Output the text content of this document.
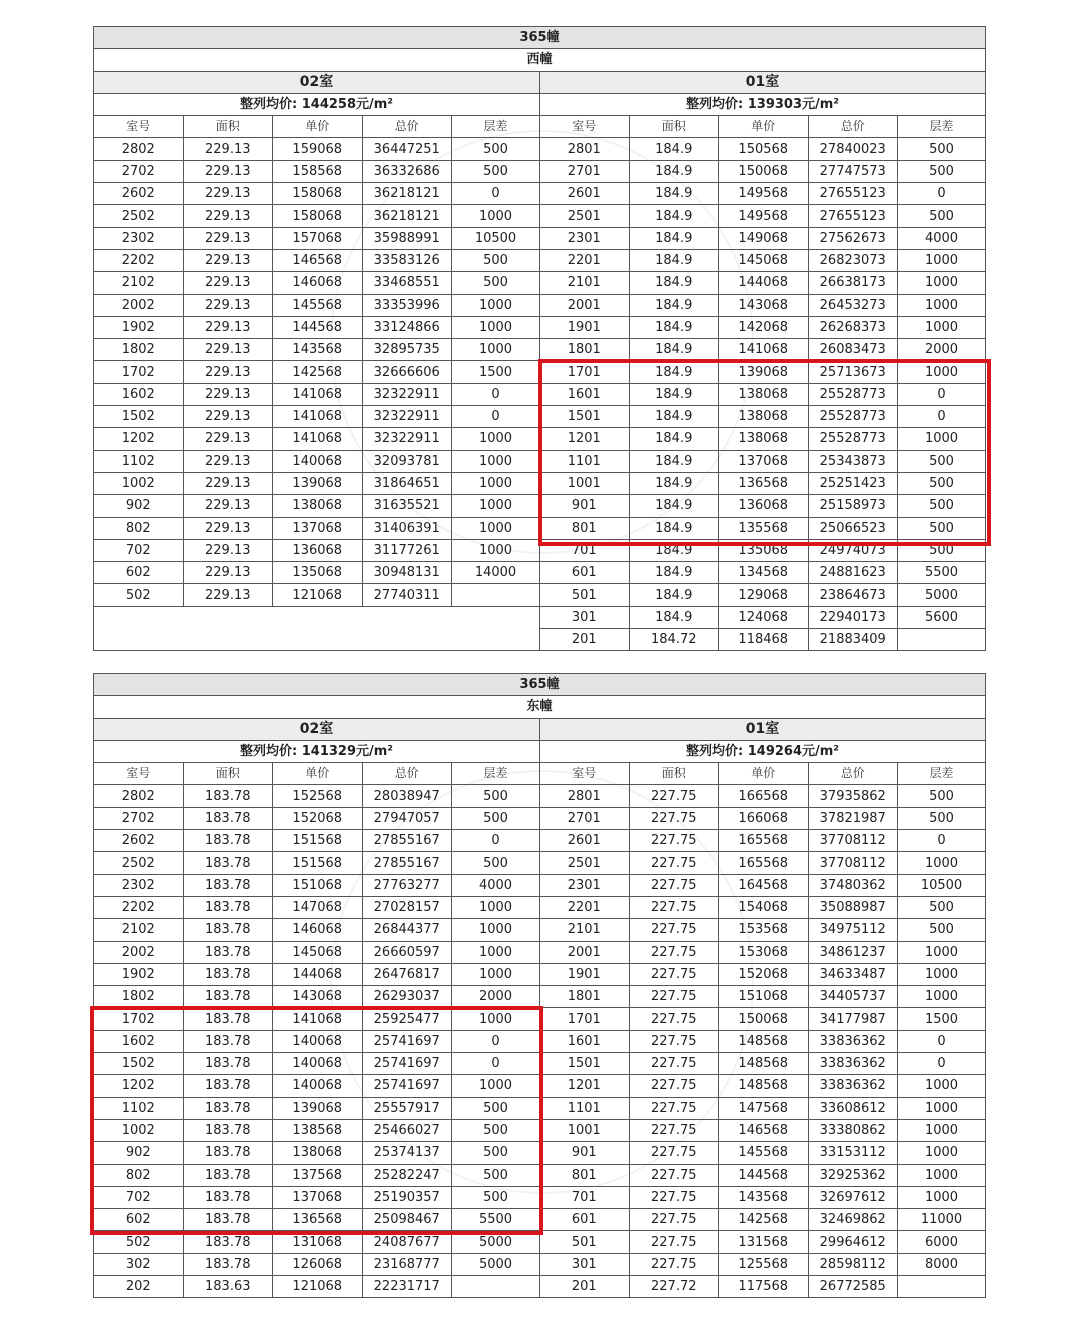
365幢									
西幢									
02室					01室				
整列均价: 144258元/m²					整列均价: 139303元/m²				
室号	面积	单价	总价	层差	室号	面积	单价	总价	层差
2802	229.13	159068	36447251	500	2801	184.9	150568	27840023	500
2702	229.13	158568	36332686	500	2701	184.9	150068	27747573	500
2602	229.13	158068	36218121	0	2601	184.9	149568	27655123	0
2502	229.13	158068	36218121	1000	2501	184.9	149568	27655123	500
2302	229.13	157068	35988991	10500	2301	184.9	149068	27562673	4000
2202	229.13	146568	33583126	500	2201	184.9	145068	26823073	1000
2102	229.13	146068	33468551	500	2101	184.9	144068	26638173	1000
2002	229.13	145568	33353996	1000	2001	184.9	143068	26453273	1000
1902	229.13	144568	33124866	1000	1901	184.9	142068	26268373	1000
1802	229.13	143568	32895735	1000	1801	184.9	141068	26083473	2000
1702	229.13	142568	32666606	1500	1701	184.9	139068	25713673	1000
1602	229.13	141068	32322911	0	1601	184.9	138068	25528773	0
1502	229.13	141068	32322911	0	1501	184.9	138068	25528773	0
1202	229.13	141068	32322911	1000	1201	184.9	138068	25528773	1000
1102	229.13	140068	32093781	1000	1101	184.9	137068	25343873	500
1002	229.13	139068	31864651	1000	1001	184.9	136568	25251423	500
902	229.13	138068	31635521	1000	901	184.9	136068	25158973	500
802	229.13	137068	31406391	1000	801	184.9	135568	25066523	500
702	229.13	136068	31177261	1000	701	184.9	135068	24974073	500
602	229.13	135068	30948131	14000	601	184.9	134568	24881623	5500
502	229.13	121068	27740311		501	184.9	129068	23864673	5000
					301	184.9	124068	22940173	5600
					201	184.72	118468	21883409	
365幢									
东幢									
02室					01室				
整列均价: 141329元/m²					整列均价: 149264元/m²				
室号	面积	单价	总价	层差	室号	面积	单价	总价	层差
2802	183.78	152568	28038947	500	2801	227.75	166568	37935862	500
2702	183.78	152068	27947057	500	2701	227.75	166068	37821987	500
2602	183.78	151568	27855167	0	2601	227.75	165568	37708112	0
2502	183.78	151568	27855167	500	2501	227.75	165568	37708112	1000
2302	183.78	151068	27763277	4000	2301	227.75	164568	37480362	10500
2202	183.78	147068	27028157	1000	2201	227.75	154068	35088987	500
2102	183.78	146068	26844377	1000	2101	227.75	153568	34975112	500
2002	183.78	145068	26660597	1000	2001	227.75	153068	34861237	1000
1902	183.78	144068	26476817	1000	1901	227.75	152068	34633487	1000
1802	183.78	143068	26293037	2000	1801	227.75	151068	34405737	1000
1702	183.78	141068	25925477	1000	1701	227.75	150068	34177987	1500
1602	183.78	140068	25741697	0	1601	227.75	148568	33836362	0
1502	183.78	140068	25741697	0	1501	227.75	148568	33836362	0
1202	183.78	140068	25741697	1000	1201	227.75	148568	33836362	1000
1102	183.78	139068	25557917	500	1101	227.75	147568	33608612	1000
1002	183.78	138568	25466027	500	1001	227.75	146568	33380862	1000
902	183.78	138068	25374137	500	901	227.75	145568	33153112	1000
802	183.78	137568	25282247	500	801	227.75	144568	32925362	1000
702	183.78	137068	25190357	500	701	227.75	143568	32697612	1000
602	183.78	136568	25098467	5500	601	227.75	142568	32469862	11000
502	183.78	131068	24087677	5000	501	227.75	131568	29964612	6000
302	183.78	126068	23168777	5000	301	227.75	125568	28598112	8000
202	183.63	121068	22231717		201	227.72	117568	26772585	
